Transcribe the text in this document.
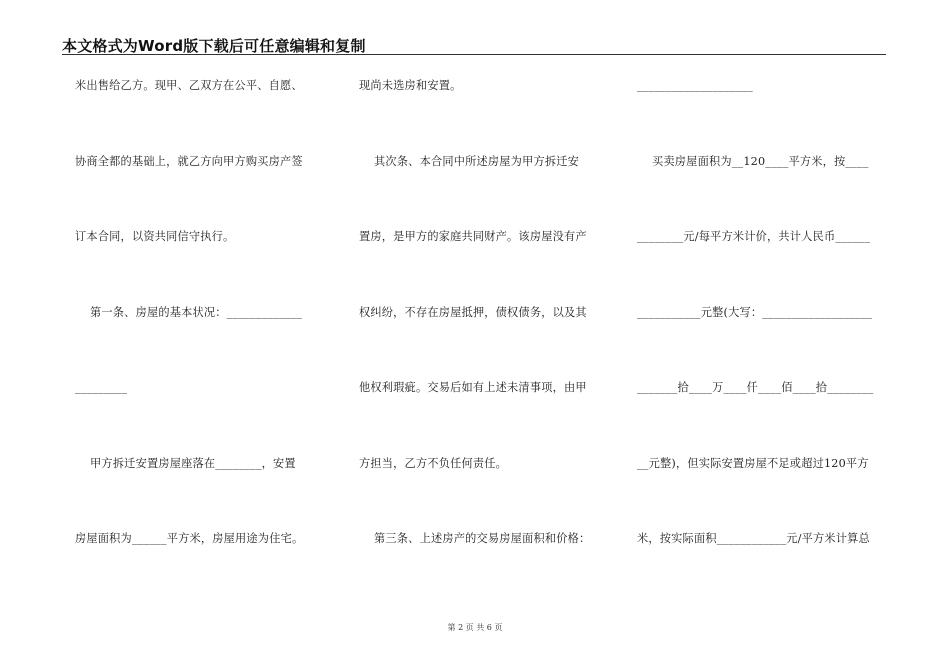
本文格式为Word版下载后可任意编辑和复制

米出售给乙方。现甲、乙双方在公平、自愿、

协商全都的基础上，就乙方向甲方购买房产签

订本合同，以资共同信守执行。

第一条、房屋的基本状况：_____________

_________

甲方拆迁安置房屋座落在________，安置

房屋面积为______平方米，房屋用途为住宅。

现尚未选房和安置。

其次条、本合同中所述房屋为甲方拆迁安

置房，是甲方的家庭共同财产。该房屋没有产

权纠纷，不存在房屋抵押，债权债务，以及其

他权利瑕疵。交易后如有上述未清事项，由甲

方担当，乙方不负任何责任。

第三条、上述房产的交易房屋面积和价格：

____________________

买卖房屋面积为__120____平方米，按____

________元/每平方米计价，共计人民币______

___________元整(大写：___________________

_______拾____万____仟____佰____拾________

__元整)，但实际安置房屋不足或超过120平方

米，按实际面积____________元/平方米计算总

第 2 页 共 6 页
